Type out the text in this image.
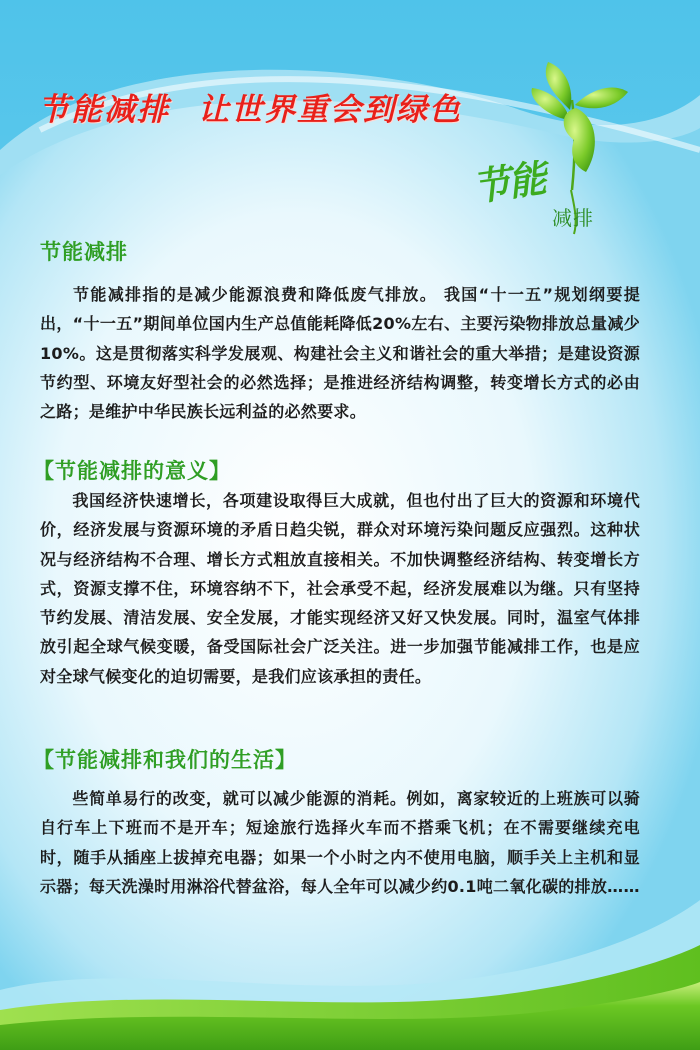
节能减排 让世界重会到绿色
节能
减排
节能减排
节能减排指的是减少能源浪费和降低废气排放。 我国“十一五”规划纲要提出，“十一五”期间单位国内生产总值能耗降低20%左右、主要污染物排放总量减少10%。这是贯彻落实科学发展观、构建社会主义和谐社会的重大举措；是建设资源节约型、环境友好型社会的必然选择；是推进经济结构调整，转变增长方式的必由之路；是维护中华民族长远利益的必然要求。
【节能减排的意义】
我国经济快速增长，各项建设取得巨大成就，但也付出了巨大的资源和环境代价，经济发展与资源环境的矛盾日趋尖锐，群众对环境污染问题反应强烈。这种状况与经济结构不合理、增长方式粗放直接相关。不加快调整经济结构、转变增长方式，资源支撑不住，环境容纳不下，社会承受不起，经济发展难以为继。只有坚持节约发展、清洁发展、安全发展，才能实现经济又好又快发展。同时，温室气体排放引起全球气候变暖，备受国际社会广泛关注。进一步加强节能减排工作，也是应对全球气候变化的迫切需要，是我们应该承担的责任。
【节能减排和我们的生活】
些简单易行的改变，就可以减少能源的消耗。例如，离家较近的上班族可以骑自行车上下班而不是开车；短途旅行选择火车而不搭乘飞机；在不需要继续充电时，随手从插座上拔掉充电器；如果一个小时之内不使用电脑，顺手关上主机和显示器；每天洗澡时用淋浴代替盆浴，每人全年可以减少约0.1吨二氧化碳的排放……
